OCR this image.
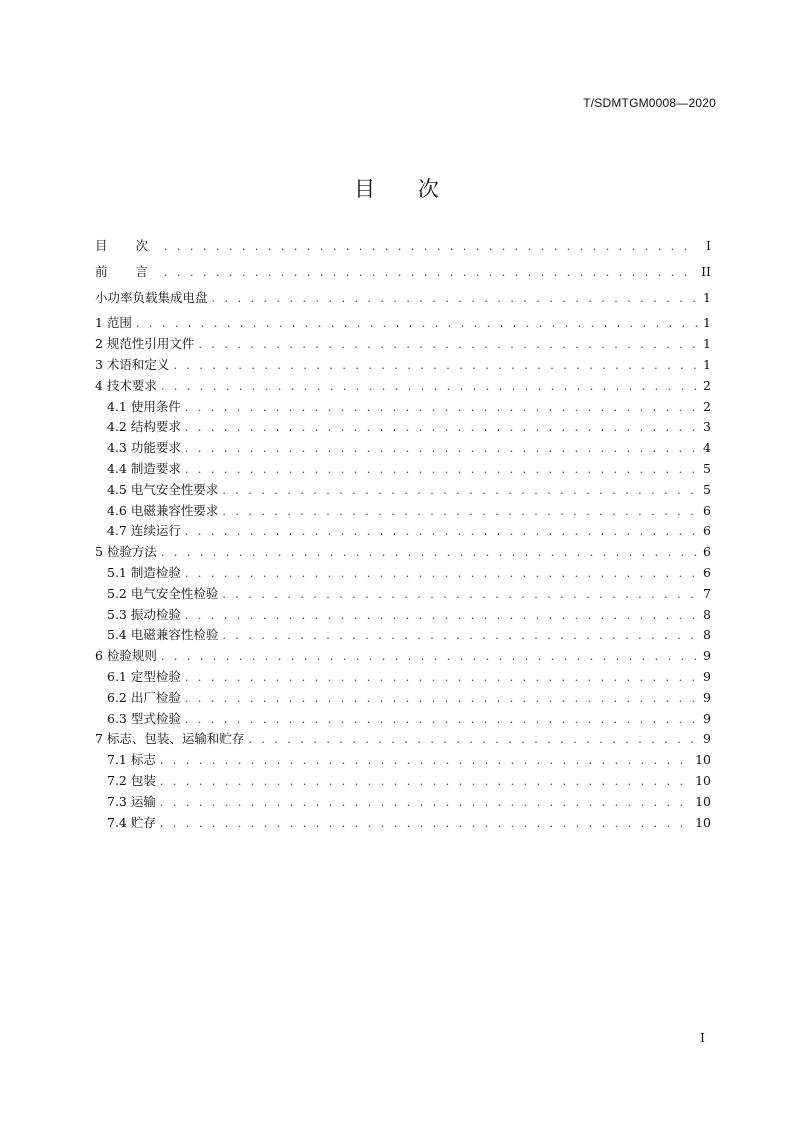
T/SDMTGM0008—2020
目 次
目 次 . . .	I
前 言 . . .	II
小功率负载集成电盘 . . .	1
1 范围 . . .	1
2 规范性引用文件 . . .	1
3 术语和定义 . . .	1
4 技术要求 . . .	2
4.1 使用条件 . . .	2
4.2 结构要求 . . .	3
4.3 功能要求 . . .	4
4.4 制造要求 . . .	5
4.5 电气安全性要求 . . .	5
4.6 电磁兼容性要求 . . .	6
4.7 连续运行 . . .	6
5 检验方法 . . .	6
5.1 制造检验 . . .	6
5.2 电气安全性检验 . . .	7
5.3 振动检验 . . .	8
5.4 电磁兼容性检验 . . .	8
6 检验规则 . . .	9
6.1 定型检验 . . .	9
6.2 出厂检验 . . .	9
6.3 型式检验 . . .	9
7 标志、包装、运输和贮存 . . .	9
7.1 标志 . . .	10
7.2 包装 . . .	10
7.3 运输 . . .	10
7.4 贮存 . . .	10
I
